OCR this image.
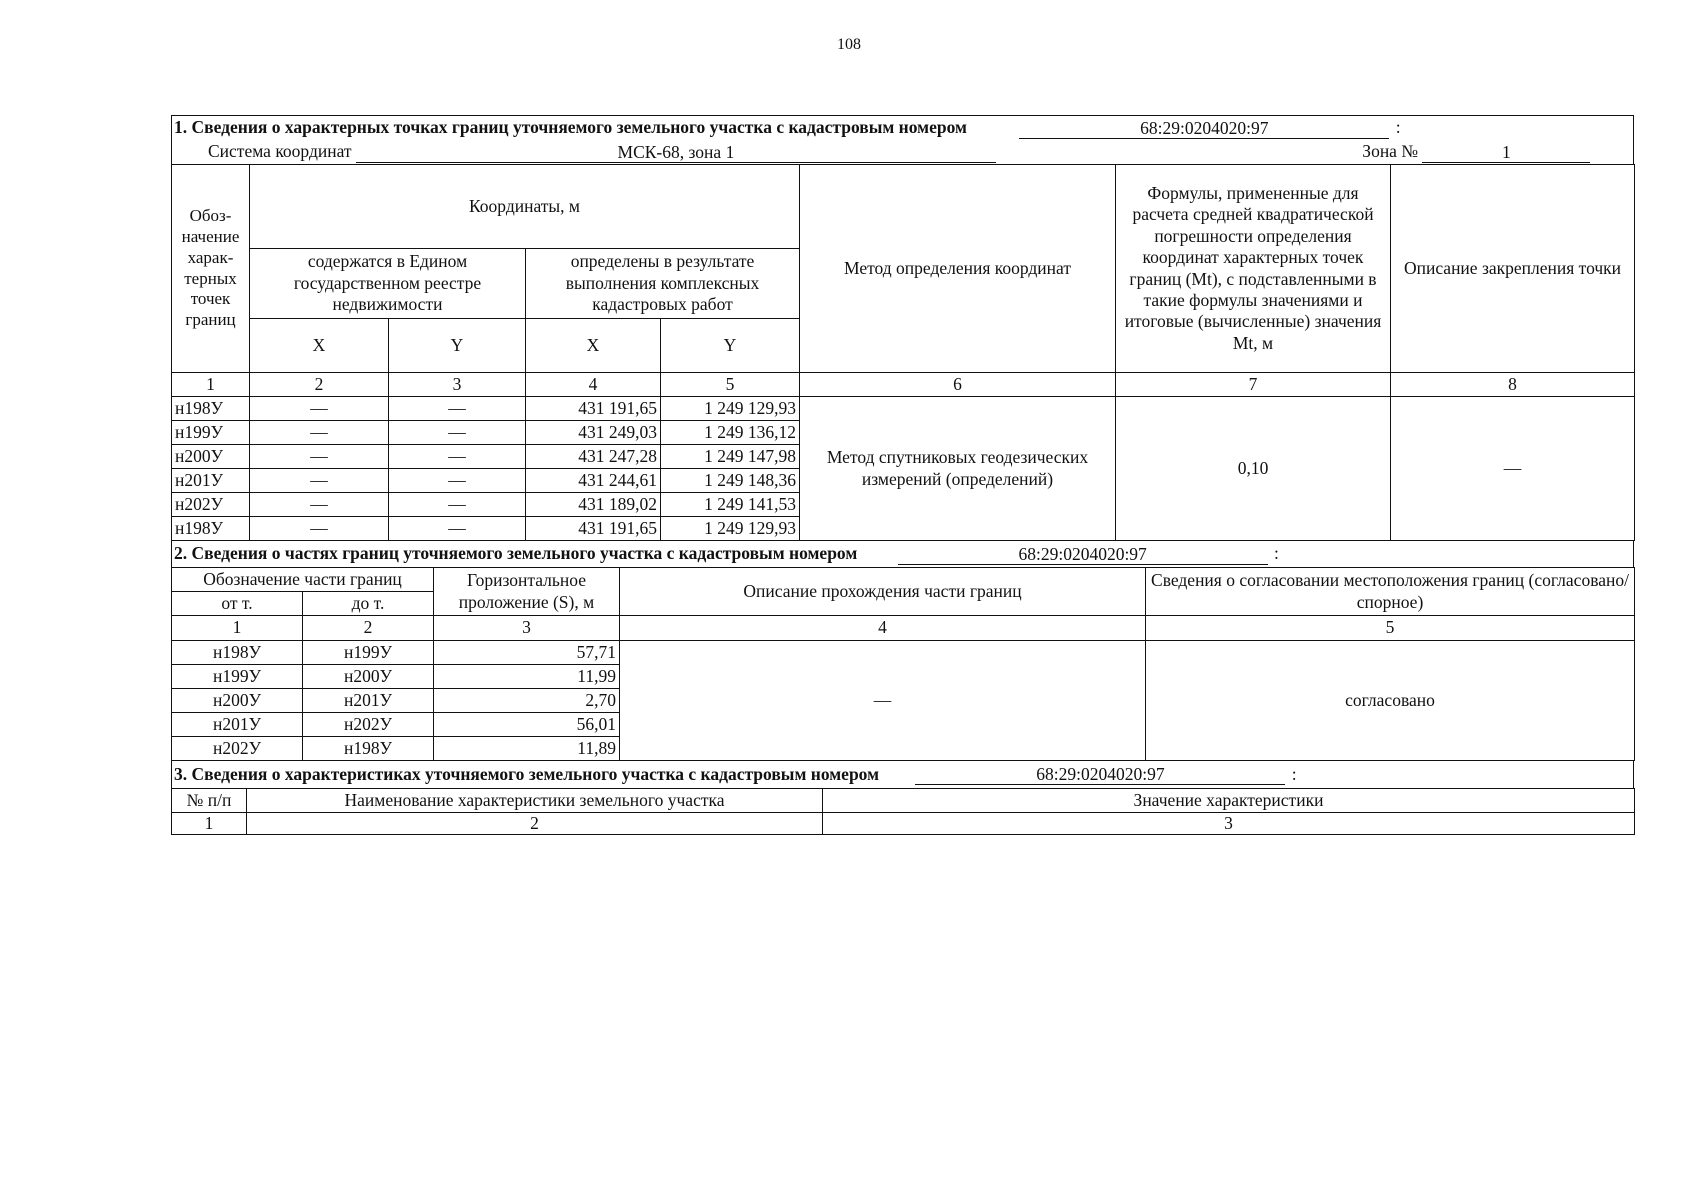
108
1. Сведения о характерных точках границ уточняемого земельного участка с кадастровым номером	68:29:0204020:97	:
Система координат	МСК-68, зона 1	Зона №	1
Обоз-начение харак-терных точек границ	Координаты, м				Метод определения координат	Формулы, примененные для расчета средней квадратической погрешности определения координат характерных точек границ (Mt), с подставленными в такие формулы значениями и итоговые (вычисленные) значения Mt, м	Описание закрепления точки
	содержатся в Едином государственном реестре недвижимости		определены в результате выполнения комплексных кадастровых работ				
	X	Y	X	Y			
1	2	3	4	5	6	7	8
н198У	—	—	431 191,65	1 249 129,93	Метод спутниковых геодезических измерений (определений)	0,10	—
н199У	—	—	431 249,03	1 249 136,12			
н200У	—	—	431 247,28	1 249 147,98			
н201У	—	—	431 244,61	1 249 148,36			
н202У	—	—	431 189,02	1 249 141,53			
н198У	—	—	431 191,65	1 249 129,93			
2. Сведения о частях границ уточняемого земельного участка с кадастровым номером	68:29:0204020:97	:
Обозначение части границ		Горизонтальное проложение (S), м	Описание прохождения части границ	Сведения о согласовании местоположения границ (согласовано/спорное)
от т.	до т.			
1	2	3	4	5
н198У	н199У	57,71	—	согласовано
н199У	н200У	11,99		
н200У	н201У	2,70		
н201У	н202У	56,01		
н202У	н198У	11,89		
3. Сведения о характеристиках уточняемого земельного участка с кадастровым номером	68:29:0204020:97	:
№ п/п	Наименование характеристики земельного участка	Значение характеристики
1	2	3
